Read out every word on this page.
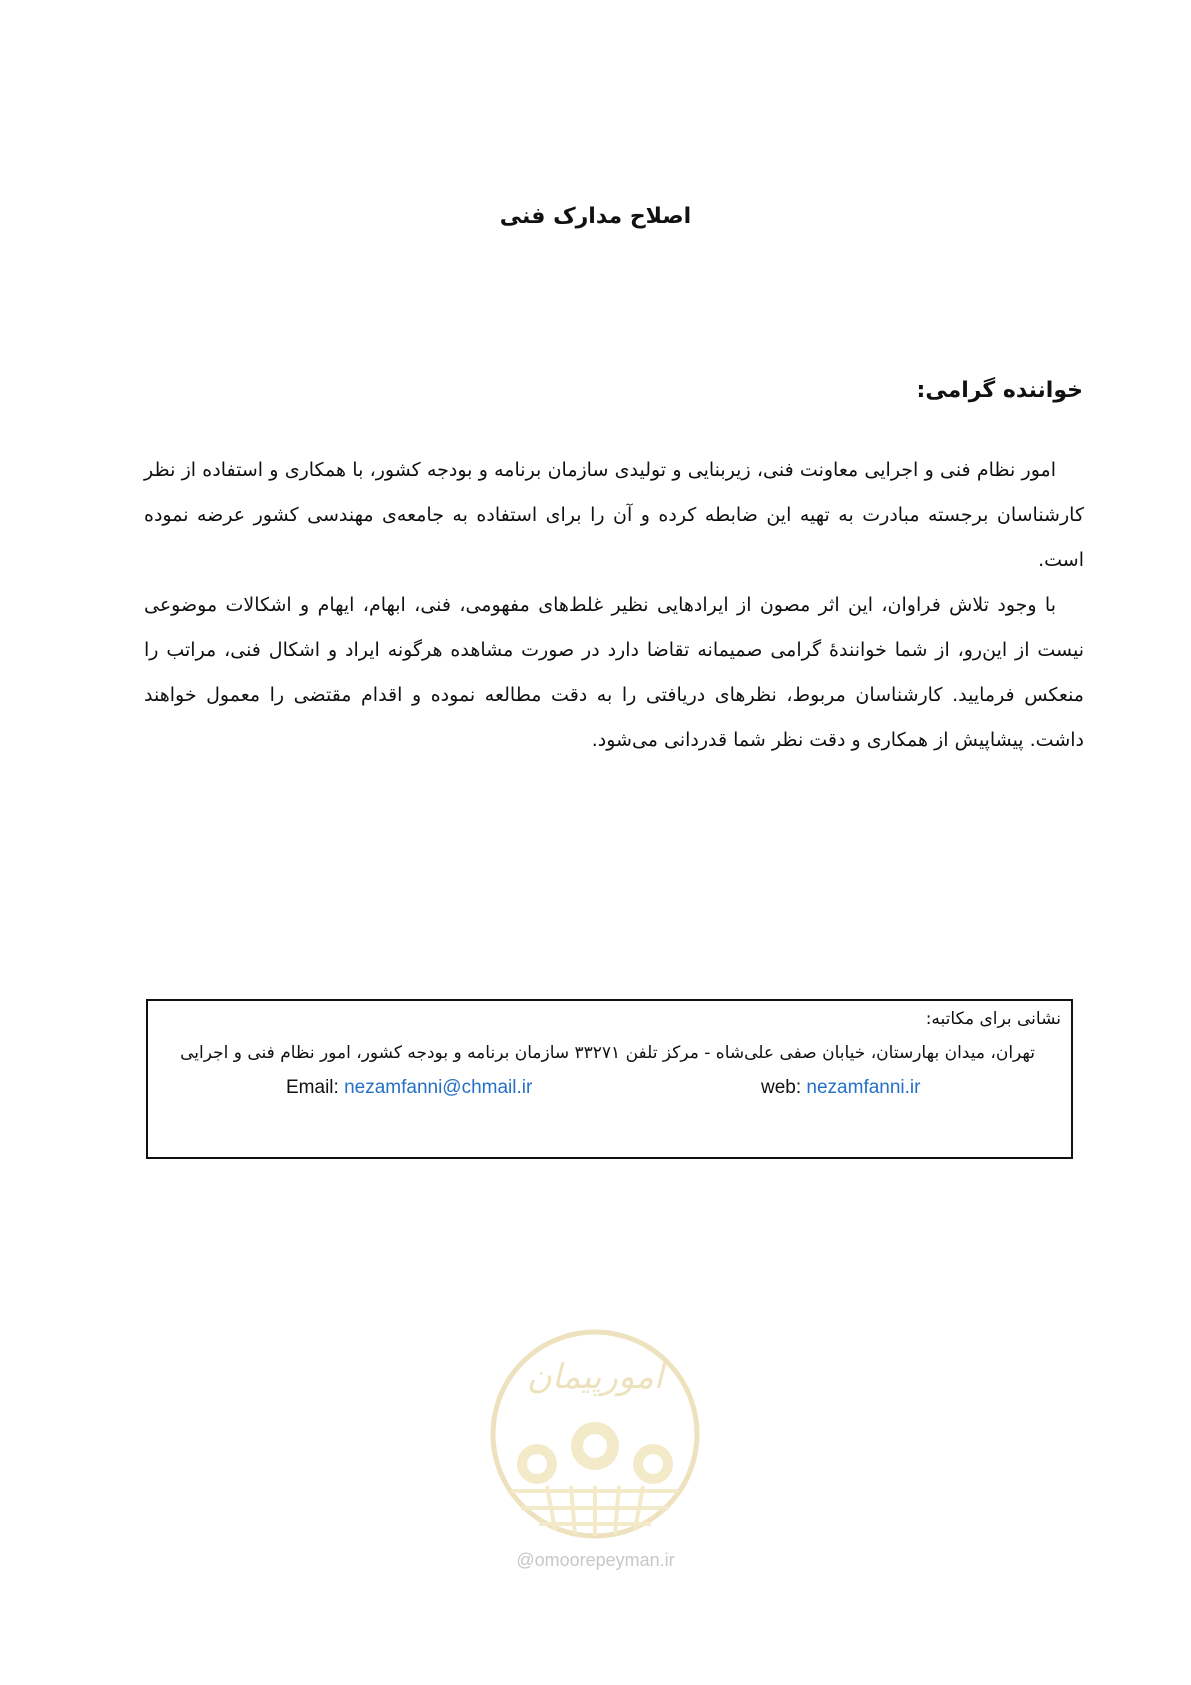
اصلاح مدارک فنی
خواننده گرامی:

امور نظام فنی و اجرایی معاونت فنی، زیربنایی و تولیدی سازمان برنامه و بودجه کشور، با همکاری و استفاده از نظر کارشناسان برجسته مبادرت به تهیه این ضابطه کرده و آن را برای استفاده به جامعه‌ی مهندسی کشور عرضه نموده است.

با وجود تلاش فراوان، این اثر مصون از ایرادهایی نظیر غلط‌های مفهومی، فنی، ابهام، ایهام و اشکالات موضوعی نیست از این‌رو، از شما خوانندهٔ گرامی صمیمانه تقاضا دارد در صورت مشاهده هرگونه ایراد و اشکال فنی، مراتب را منعکس فرمایید. کارشناسان مربوط، نظرهای دریافتی را به دقت مطالعه نموده و اقدام مقتضی را معمول خواهند داشت. پیشاپیش از همکاری و دقت نظر شما قدردانی می‌شود.

نشانی برای مکاتبه:
تهران، میدان بهارستان، خیابان صفی علی‌شاه - مرکز تلفن ۳۳۲۷۱ سازمان برنامه و بودجه کشور، امور نظام فنی و اجرایی
Email: nezamfanni@chmail.ir	web: nezamfanni.ir
امورپیمان
@omoorepeyman.ir
